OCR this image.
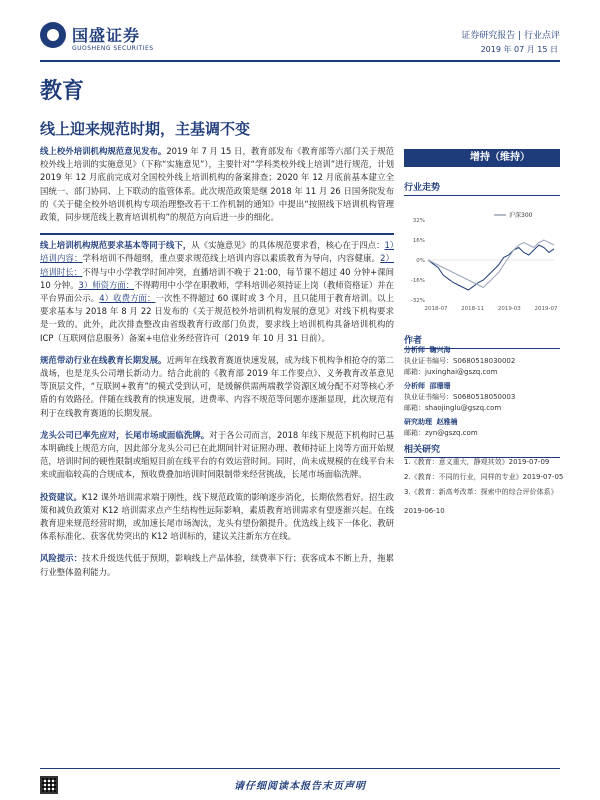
国盛证券
GUOSHENG SECURITIES
证券研究报告 | 行业点评
2019 年 07 月 15 日
教育
线上迎来规范时期，主基调不变

线上校外培训机构规范意见发布。2019 年 7 月 15 日，教育部发布《教育部等六部门关于规范校外线上培训的实施意见》（下称“实施意见”），主要针对“学科类校外线上培训”进行规范，计划 2019 年 12 月底前完成对全国校外线上培训机构的备案排查；2020 年 12 月底前基本建立全国统一、部门协同、上下联动的监管体系。此次规范政策是继 2018 年 11 月 26 日国务院发布的《关于健全校外培训机构专项治理整改若干工作机制的通知》中提出“按照线下培训机构管理政策，同步规范线上教育培训机构”的规范方向后进一步的细化。

线上培训机构规范要求基本等同于线下，从《实施意见》的具体规范要求看，核心在于四点：1）培训内容：学科培训不得超纲，重点要求规范线上培训内容以素质教育为导向，内容健康。2）培训时长：不得与中小学教学时间冲突，直播培训不晚于 21:00，每节课不超过 40 分钟+课间 10 分钟。3）师资方面：不得聘用中小学在职教师，学科培训必须持证上岗（教师资格证）并在平台界面公示。4）收费方面：一次性不得超过 60 课时或 3 个月，且只能用于教育培训。以上要求基本与 2018 年 8 月 22 日发布的《关于规范校外培训机构发展的意见》对线下机构要求是一致的。此外，此次排查整改由省级教育行政部门负责，要求线上培训机构具备培训机构的 ICP（互联网信息服务）备案+电信业务经营许可（2019 年 10 月 31 日前）。

规范带动行业在线教育长期发展。近两年在线教育赛道快速发展，成为线下机构争相抢夺的第二战场，也是龙头公司增长新动力。结合此前的《教育部 2019 年工作要点》、义务教育改革意见等顶层文件，“互联网+教育”的模式受到认可，是缓解供需两端教学资源区域分配不对等核心矛盾的有效路径。伴随在线教育的快速发展，进费率、内容不规范等问题亦逐渐显现，此次规范有利于在线教育赛道的长期发展。

龙头公司已率先应对，长尾市场或面临洗牌。对于各公司而言，2018 年线下规范下机构时已基本明确线上规范方向，因此部分龙头公司已在此期间针对证照办理、教师持证上岗等方面开始规范，培训时间的硬性限制或缩短目前在线平台的有效运营时间。同时，尚未成规模的在线平台未来或面临较高的合规成本，预收费叠加培训时间限制带来经营挑战，长尾市场面临洗牌。

投资建议。K12 课外培训需求端于刚性，线下规范政策的影响逐步消化，长期依然看好。招生政策和减负政策对 K12 培训需求点产生结构性远际影响，素质教育培训需求有望逐渐兴起。在线教育迎来规范经营时期，或加速长尾市场淘汰，龙头有望份额提升。优选线上线下一体化、教研体系标准化、获客优势突出的 K12 培训标的，建议关注新东方在线。

风险提示：技术升级迭代低于预期，影响线上产品体验，续费率下行；获客成本不断上升，拖累行业整体盈利能力。

增持（维持）
行业走势
32%
16%
0%
-16%
-32%
2018-07 2018-11 2019-03 2019-07
沪深300
作者
分析师 鞠兴海
执业证书编号：S0680518030002
邮箱：juxinghai@gszq.com
分析师 邵珊珊
执业证书编号：S0680518050003
邮箱：shaojinglu@gszq.com
研究助理 赵雅楠
邮箱：zyn@gszq.com
相关研究
1.《教育：意义重大，静观其效》2019-07-09
2.《教育：不同的行业，同样的专业》2019-07-05
3.《教育：新高考改革：探索中的综合评价体系》
2019-06-10
请仔细阅读本报告末页声明
